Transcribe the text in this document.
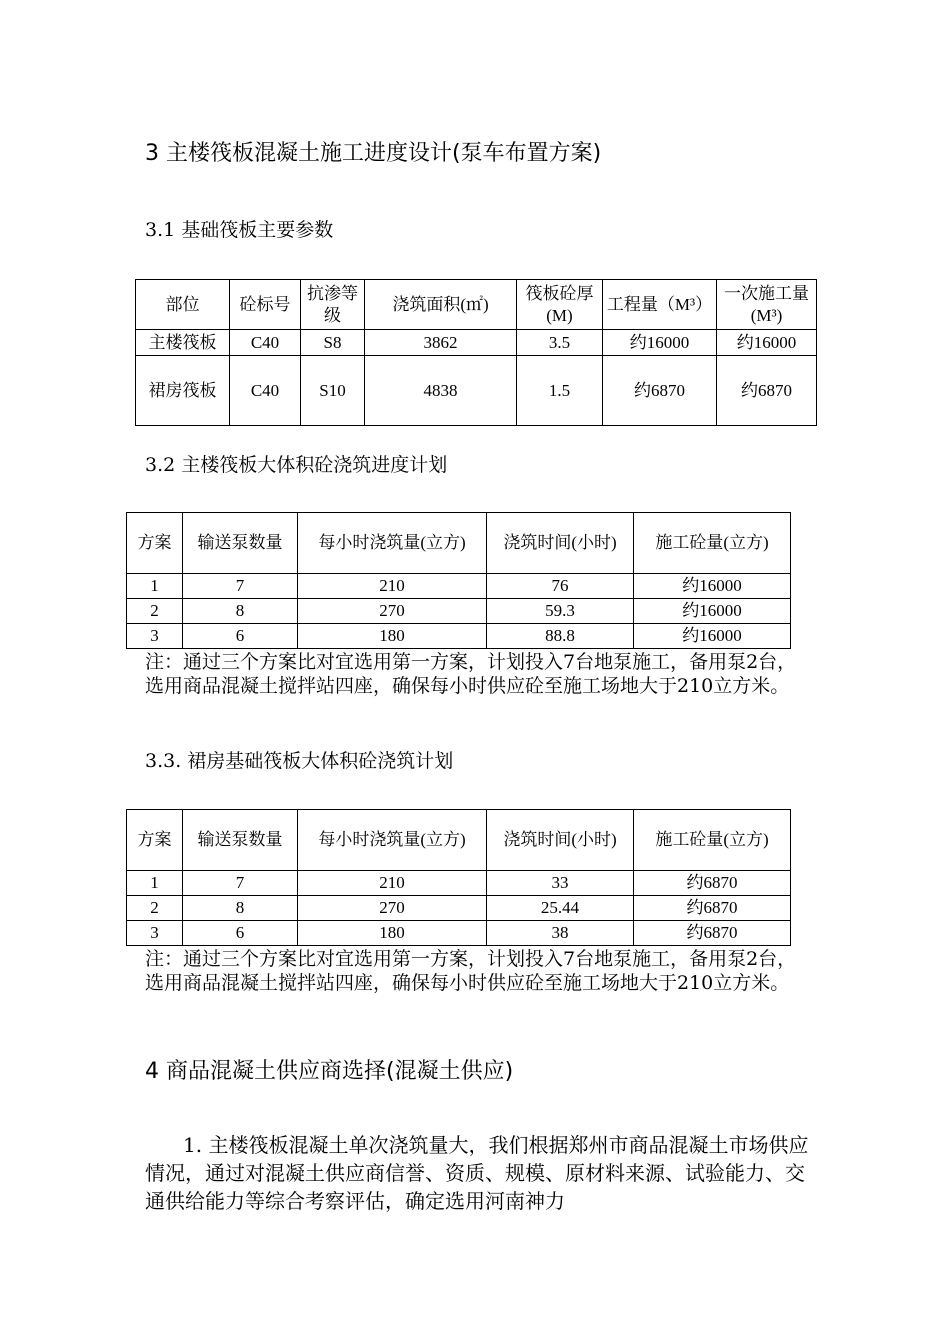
3 主楼筏板混凝土施工进度设计(泵车布置方案)
3.1 基础筏板主要参数
部位	砼标号	抗渗等级	浇筑面积(㎡)	筏板砼厚(M)	工程量（M³）	一次施工量(M³)
主楼筏板	C40	S8	3862	3.5	约16000	约16000
裙房筏板	C40	S10	4838	1.5	约6870	约6870
3.2 主楼筏板大体积砼浇筑进度计划
方案	输送泵数量	每小时浇筑量(立方)	浇筑时间(小时)	施工砼量(立方)
1	7	210	76	约16000
2	8	270	59.3	约16000
3	6	180	88.8	约16000
注：通过三个方案比对宜选用第一方案，计划投入7台地泵施工，备用泵2台，选用商品混凝土搅拌站四座，确保每小时供应砼至施工场地大于210立方米。
3.3. 裙房基础筏板大体积砼浇筑计划
方案	输送泵数量	每小时浇筑量(立方)	浇筑时间(小时)	施工砼量(立方)
1	7	210	33	约6870
2	8	270	25.44	约6870
3	6	180	38	约6870
注：通过三个方案比对宜选用第一方案，计划投入7台地泵施工，备用泵2台，选用商品混凝土搅拌站四座，确保每小时供应砼至施工场地大于210立方米。
4 商品混凝土供应商选择(混凝土供应)
1. 主楼筏板混凝土单次浇筑量大，我们根据郑州市商品混凝土市场供应情况，通过对混凝土供应商信誉、资质、规模、原材料来源、试验能力、交通供给能力等综合考察评估，确定选用河南神力
